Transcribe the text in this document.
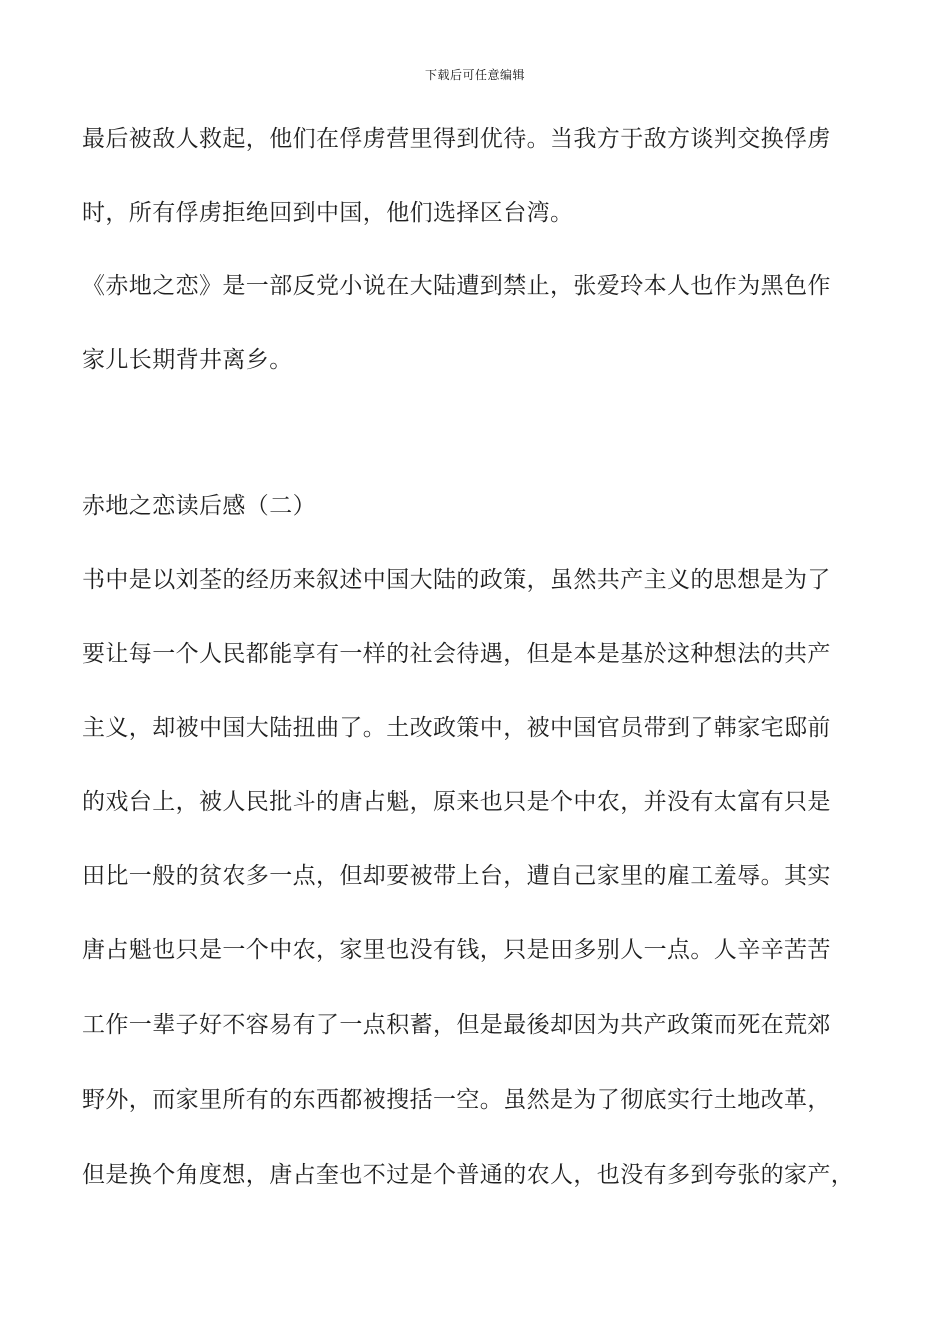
下载后可任意编辑
最后被敌人救起，他们在俘虏营里得到优待。当我方于敌方谈判交换俘虏
时，所有俘虏拒绝回到中国，他们选择区台湾。
《赤地之恋》是一部反党小说在大陆遭到禁止，张爱玲本人也作为黑色作
家儿长期背井离乡。
赤地之恋读后感（二）
书中是以刘荃的经历来叙述中国大陆的政策，虽然共产主义的思想是为了
要让每一个人民都能享有一样的社会待遇，但是本是基於这种想法的共产
主义，却被中国大陆扭曲了。土改政策中，被中国官员带到了韩家宅邸前
的戏台上，被人民批斗的唐占魁，原来也只是个中农，并没有太富有只是
田比一般的贫农多一点，但却要被带上台，遭自己家里的雇工羞辱。其实
唐占魁也只是一个中农，家里也没有钱，只是田多别人一点。人辛辛苦苦
工作一辈子好不容易有了一点积蓄，但是最後却因为共产政策而死在荒郊
野外，而家里所有的东西都被搜括一空。虽然是为了彻底实行土地改革，
但是换个角度想，唐占奎也不过是个普通的农人，也没有多到夸张的家产，
